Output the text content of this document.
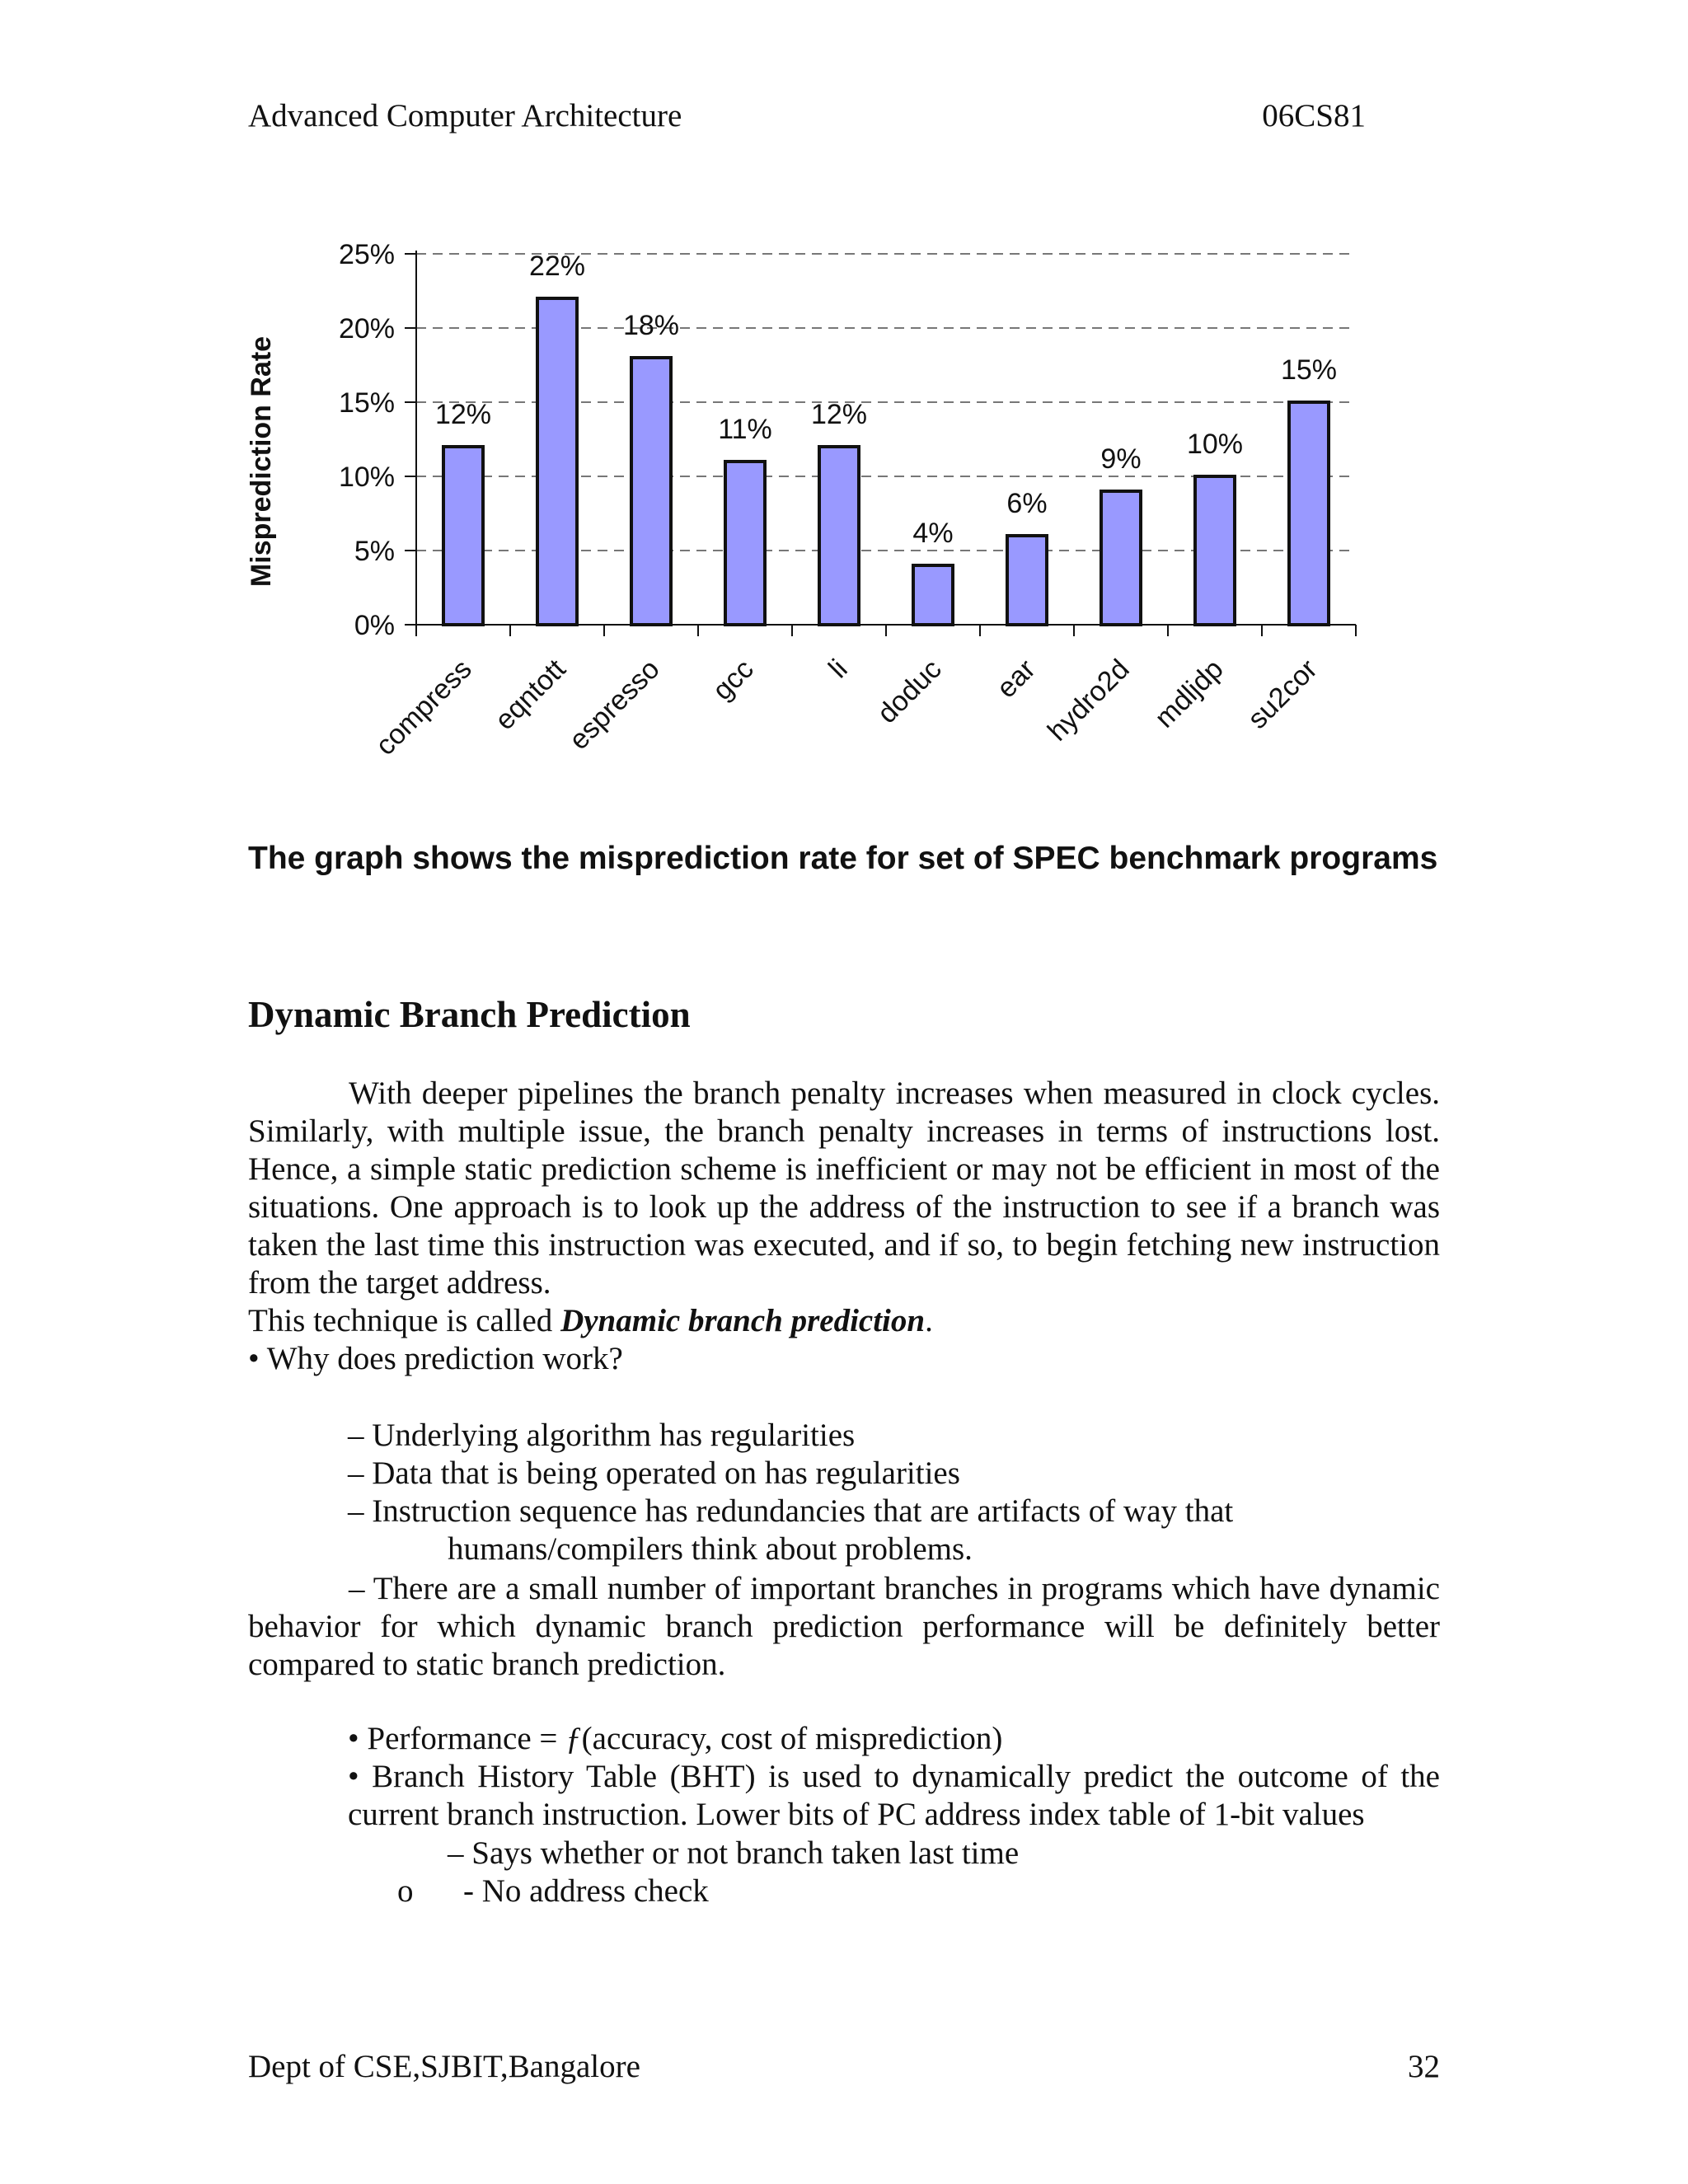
Advanced Computer Architecture	06CS81
0%
5%
10%
15%
20%
25%
12%
compress
22%
eqntott
18%
espresso
11%
gcc
12%
li
4%
doduc
6%
ear
9%
hydro2d
10%
mdljdp
15%
su2cor
Misprediction Rate
The graph shows the misprediction rate for set of SPEC benchmark programs
Dynamic Branch Prediction
With deeper pipelines the branch penalty increases when measured in clock cycles. Similarly, with multiple issue, the branch penalty increases in terms of instructions lost. Hence, a simple static prediction scheme is inefficient or may not be efficient in most of the situations. One approach is to look up the address of the instruction to see if a branch was taken the last time this instruction was executed, and if so, to begin fetching new instruction from the target address.
This technique is called Dynamic branch prediction.
• Why does prediction work?
– Underlying algorithm has regularities
– Data that is being operated on has regularities
– Instruction sequence has redundancies that are artifacts of way that
humans/compilers think about problems.
– There are a small number of important branches in programs which have dynamic behavior for which dynamic branch prediction performance will be definitely better compared to static branch prediction.
• Performance = ƒ(accuracy, cost of misprediction)
• Branch History Table (BHT) is used to dynamically predict the outcome of the current branch instruction. Lower bits of PC address index table of 1-bit values
– Says whether or not branch taken last time
o - No address check
Dept of CSE,SJBIT,Bangalore	32
